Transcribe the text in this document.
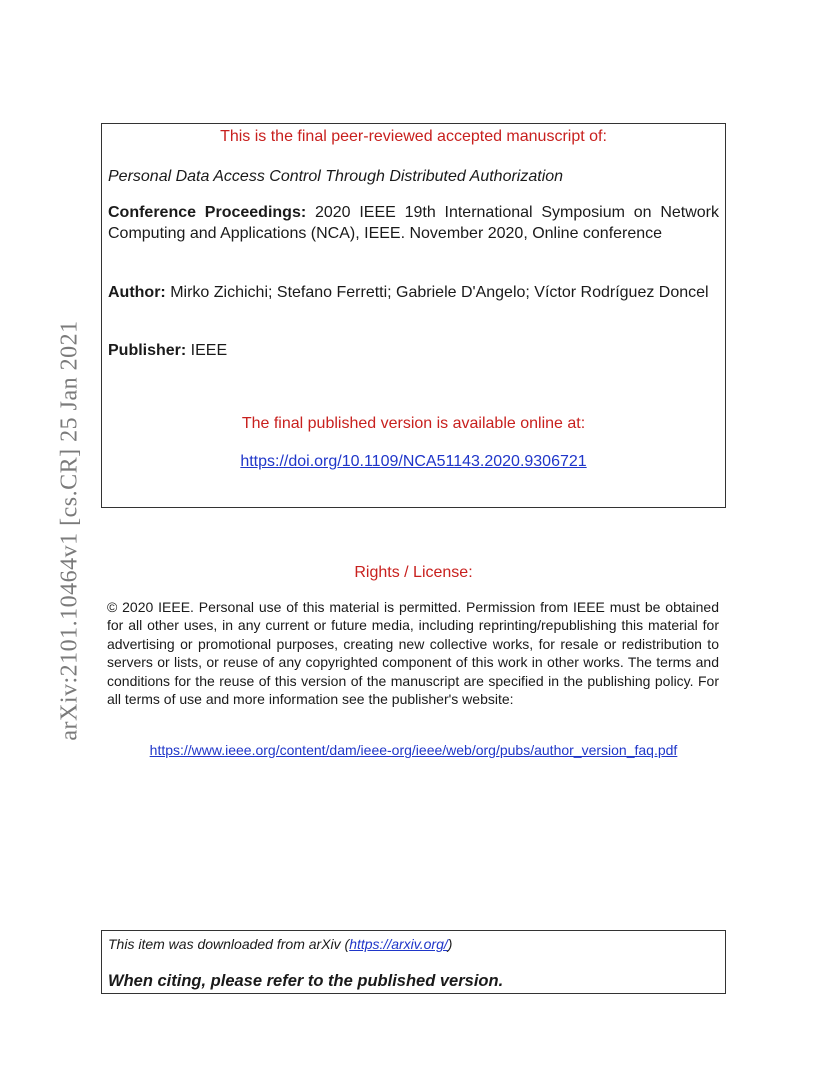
arXiv:2101.10464v1 [cs.CR] 25 Jan 2021
This is the final peer-reviewed accepted manuscript of:
Personal Data Access Control Through Distributed Authorization
Conference Proceedings: 2020 IEEE 19th International Symposium on Network Computing and Applications (NCA), IEEE. November 2020, Online conference
Author: Mirko Zichichi; Stefano Ferretti; Gabriele D'Angelo; Víctor Rodríguez Doncel
Publisher: IEEE
The final published version is available online at:
https://doi.org/10.1109/NCA51143.2020.9306721
Rights / License:
© 2020 IEEE. Personal use of this material is permitted. Permission from IEEE must be obtained for all other uses, in any current or future media, including reprinting/republishing this material for advertising or promotional purposes, creating new collective works, for resale or redistribution to servers or lists, or reuse of any copyrighted component of this work in other works. The terms and conditions for the reuse of this version of the manuscript are specified in the publishing policy. For all terms of use and more information see the publisher's website:
https://www.ieee.org/content/dam/ieee-org/ieee/web/org/pubs/author_version_faq.pdf
This item was downloaded from arXiv (https://arxiv.org/)
When citing, please refer to the published version.
